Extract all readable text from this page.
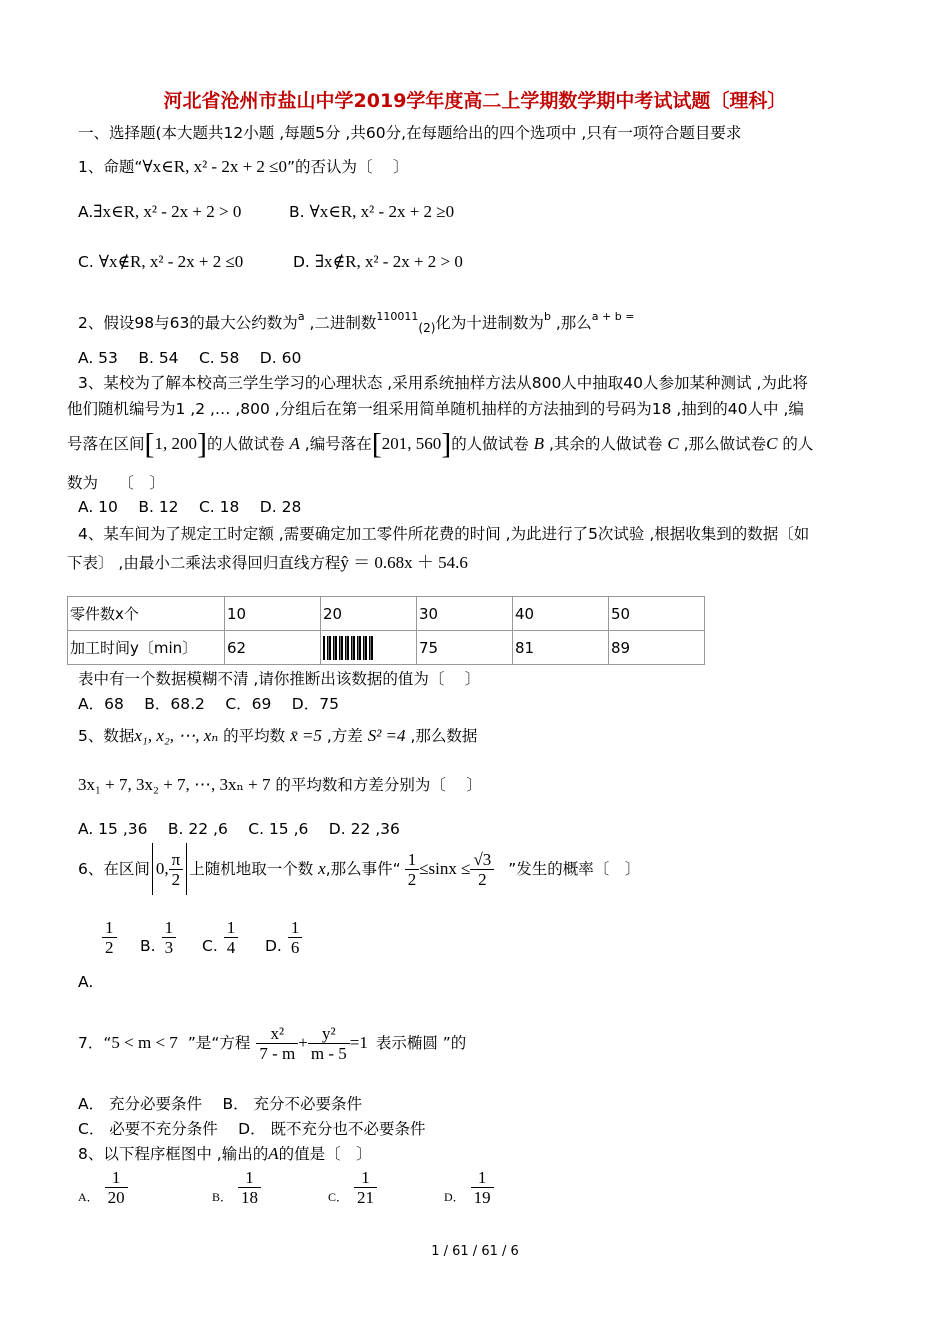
河北省沧州市盐山中学2019学年度高二上学期数学期中考试试题〔理科〕
一、选择题(本大题共12小题 ,每题5分 ,共60分,在每题给出的四个选项中 ,只有一项符合题目要求
1、命题“∀x∈R, x² - 2x + 2 ≤0”的否认为〔 　〕
A.∃x∈R, x² - 2x + 2 > 0	B. ∀x∈R, x² - 2x + 2 ≥0
C. ∀x∉R, x² - 2x + 2 ≤0	D. ∃x∉R, x² - 2x + 2 > 0
2、假设98与63的最大公约数为$^a$ ,二进制数$^{110011}_{(2)}$化为十进制数为$^b$ ,那么$^{a + b =}$
A. 53　 B. 54　 C. 58　 D. 60
3、某校为了解本校高三学生学习的心理状态 ,采用系统抽样方法从800人中抽取40人参加某种测试 ,为此将
他们随机编号为1 ,2 ,… ,800 ,分组后在第一组采用简单随机抽样的方法抽到的号码为18 ,抽到的40人中 ,编
号落在区间[1, 200]的人做试卷 A ,编号落在[201, 560]的人做试卷 B ,其余的人做试卷 C ,那么做试卷C 的人
数为　 〔　〕
A. 10　 B. 12　 C. 18　 D. 28
4、某车间为了规定工时定额 ,需要确定加工零件所花费的时间 ,为此进行了5次试验 ,根据收集到的数据〔如
下表〕 ,由最小二乘法求得回归直线方程ŷ ＝ 0.68x ＋ 54.6
零件数x个	10	20	30	40	50
加工时间y〔min〕	62		75	81	89
表中有一个数据模糊不清 ,请你推断出该数据的值为〔　 〕
A．68　 B．68.2　 C．69　 D．75
5、数据x₁, x₂, ⋯, xₙ 的平均数 x̄ =5 ,方差 S² =4 ,那么数据
3x₁ + 7, 3x₂ + 7, ⋯, 3xₙ + 7 的平均数和方差分别为〔　 〕
A. 15 ,36　 B. 22 ,6　 C. 15 ,6　 D. 22 ,36
6、在区间 0, $\frac{\pi}{2}$ 上随机地取一个数
x ,那么事件“ $\frac{1}{2} \le\sin x \le \frac{√3}{2}$ ”发生的概率〔　〕
$\frac{1}{2} B$. $\frac{1}{3} C$. $\frac{1}{4} D$. $\frac{1}{6}$
A.
7．“ 5 < m < 7 ”是“方程 $\frac{\text{x²}}{7 - m} + \frac{\text{y²}}{m - 5} =1$ 表示椭圆 ”的
A． 充分必要条件　 B． 充分不必要条件
C． 必要不充分条件　 D． 既不充分也不必要条件
8、以下程序框图中 ,输出的A的值是〔　〕
A． $\frac{1}{20}$	B． $\frac{1}{18}$	C． $\frac{1}{21}$	D． $\frac{1}{19}$
1 / 61 / 61 / 6
